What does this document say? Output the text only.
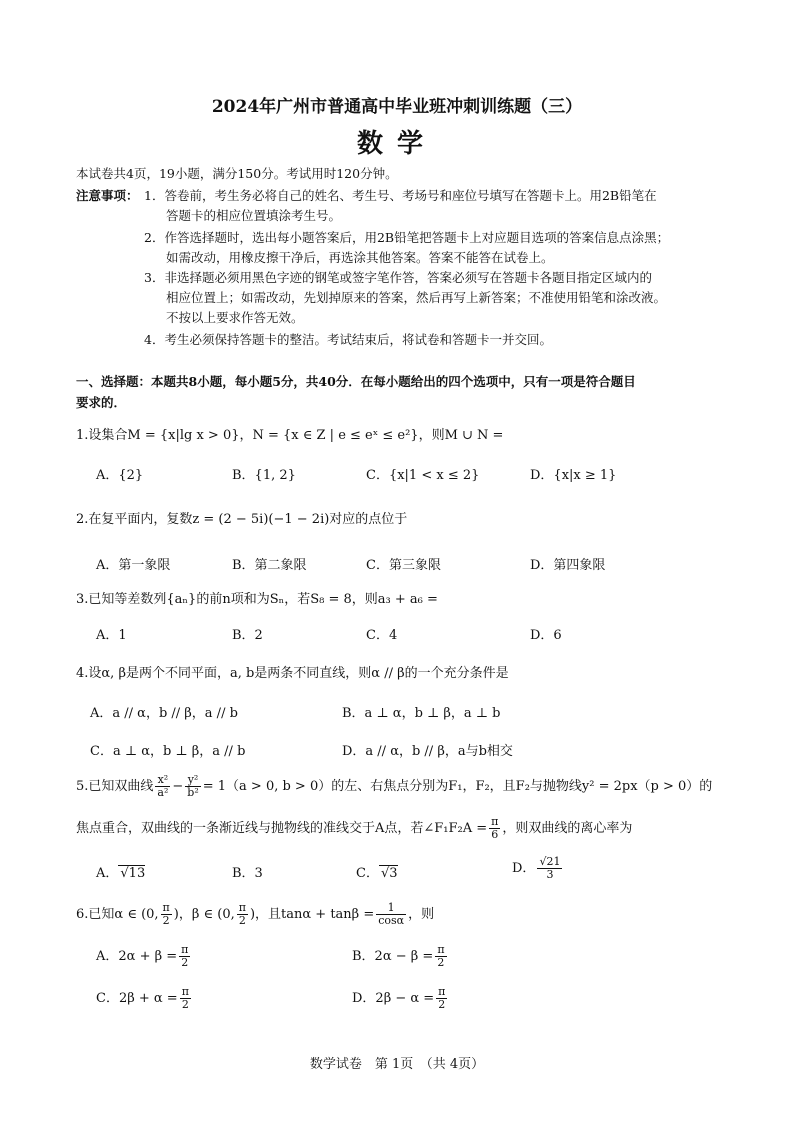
2024年广州市普通高中毕业班冲刺训练题（三）
数学
本试卷共4页，19小题，满分150分。考试用时120分钟。
注意事项： 1．答卷前，考生务必将自己的姓名、考生号、考场号和座位号填写在答题卡上。用2B铅笔在
答题卡的相应位置填涂考生号。
2．作答选择题时，选出每小题答案后，用2B铅笔把答题卡上对应题目选项的答案信息点涂黑；
如需改动，用橡皮擦干净后，再选涂其他答案。答案不能答在试卷上。
3．非选择题必须用黑色字迹的钢笔或签字笔作答，答案必须写在答题卡各题目指定区域内的
相应位置上；如需改动，先划掉原来的答案，然后再写上新答案；不准使用铅笔和涂改液。
不按以上要求作答无效。
4．考生必须保持答题卡的整洁。考试结束后，将试卷和答题卡一并交回。
一、选择题：本题共8小题，每小题5分，共40分．在每小题给出的四个选项中，只有一项是符合题目
要求的．
1.设集合M = {x|lg x > 0}，N = {x ∈ Z | e ≤ eˣ ≤ e²}，则M ∪ N =
A．{2}	B．{1, 2}	C．{x|1 < x ≤ 2}	D．{x|x ≥ 1}
2.在复平面内，复数z = (2 − 5i)(−1 − 2i)对应的点位于
A．第一象限	B．第二象限	C．第三象限	D．第四象限
3.已知等差数列{aₙ}的前n项和为Sₙ，若S₈ = 8，则a₃ + a₆ =
A．1	B．2	C．4	D．6
4.设α, β是两个不同平面，a, b是两条不同直线，则α // β的一个充分条件是
A．a // α，b // β，a // b	B．a ⊥ α，b ⊥ β，a ⊥ b
C．a ⊥ α，b ⊥ β，a // b	D．a // α，b // β，a与b相交
5.已知双曲线 $\frac{\text{x²}}{\text{a²}} - \frac{\text{y²}}{\text{b²}} = 1(a > 0$, b > 0）的左、右焦点分别为F₁，F₂，且F₂与抛物线y² = 2px（p > 0）的
焦点重合，双曲线的一条渐近线与抛物线的准线交于A点，若∠F₁F₂A = $\frac{\pi}{6}$ ，则双曲线的离心率为
A． √13	B．3	C． √3	D． $\frac{√21}{3}$
6.已知α ∈ (0, $\frac{\pi}{2}$ )，β ∈ (0, $\frac{\pi}{2}$ )，且$\tan\alpha + \tan\beta = \frac{1}{\cos\alpha}$ ，则
A．$2\alpha + \beta = \frac{\pi}{2}$	B．$2\alpha - \beta = \frac{\pi}{2}$
C．$2\beta + \alpha = \frac{\pi}{2}$	D．$2\beta - \alpha = \frac{\pi}{2}$
数学试卷　第 1页　（共 4页）
